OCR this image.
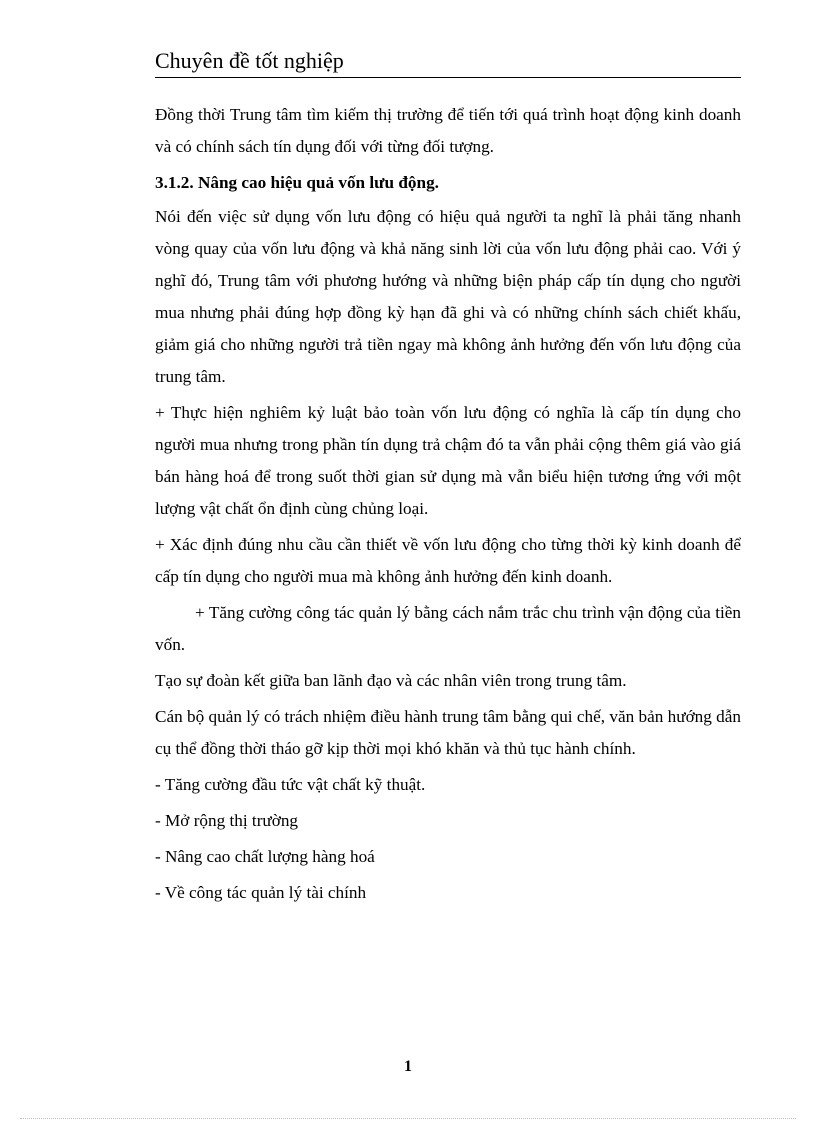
Chuyên đề tốt nghiệp

Đồng thời Trung tâm tìm kiếm thị trường để tiến tới quá trình hoạt động kinh doanh và có chính sách tín dụng đối với từng đối tượng.

3.1.2. Nâng cao hiệu quả vốn lưu động.

Nói đến việc sử dụng vốn lưu động có hiệu quả người ta nghĩ là phải tăng nhanh vòng quay của vốn lưu động và khả năng sinh lời của vốn lưu động phải cao. Với ý nghĩ đó, Trung tâm với phương hướng và những biện pháp cấp tín dụng cho người mua nhưng phải đúng hợp đồng kỳ hạn đã ghi và có những chính sách chiết khấu, giảm giá cho những người trả tiền ngay mà không ảnh hưởng đến vốn lưu động của trung tâm.

+ Thực hiện nghiêm kỷ luật bảo toàn vốn lưu động có nghĩa là cấp tín dụng cho người mua nhưng trong phần tín dụng trả chậm đó ta vẫn phải cộng thêm giá vào giá bán hàng hoá để trong suốt thời gian sử dụng mà vẫn biểu hiện tương ứng với một lượng vật chất ổn định cùng chủng loại.

+ Xác định đúng nhu cầu cần thiết về vốn lưu động cho từng thời kỳ kinh doanh để cấp tín dụng cho người mua mà không ảnh hưởng đến kinh doanh.

+ Tăng cường công tác quản lý bằng cách nắm trắc chu trình vận động của tiền vốn.

Tạo sự đoàn kết giữa ban lãnh đạo và các nhân viên trong trung tâm.

Cán bộ quản lý có trách nhiệm điều hành trung tâm bằng qui chế, văn bản hướng dẫn cụ thể đồng thời tháo gỡ kịp thời mọi khó khăn và thủ tục hành chính.

- Tăng cường đầu tức vật chất kỹ thuật.

- Mở rộng thị trường

- Nâng cao chất lượng hàng hoá

- Về công tác quản lý tài chính

1
